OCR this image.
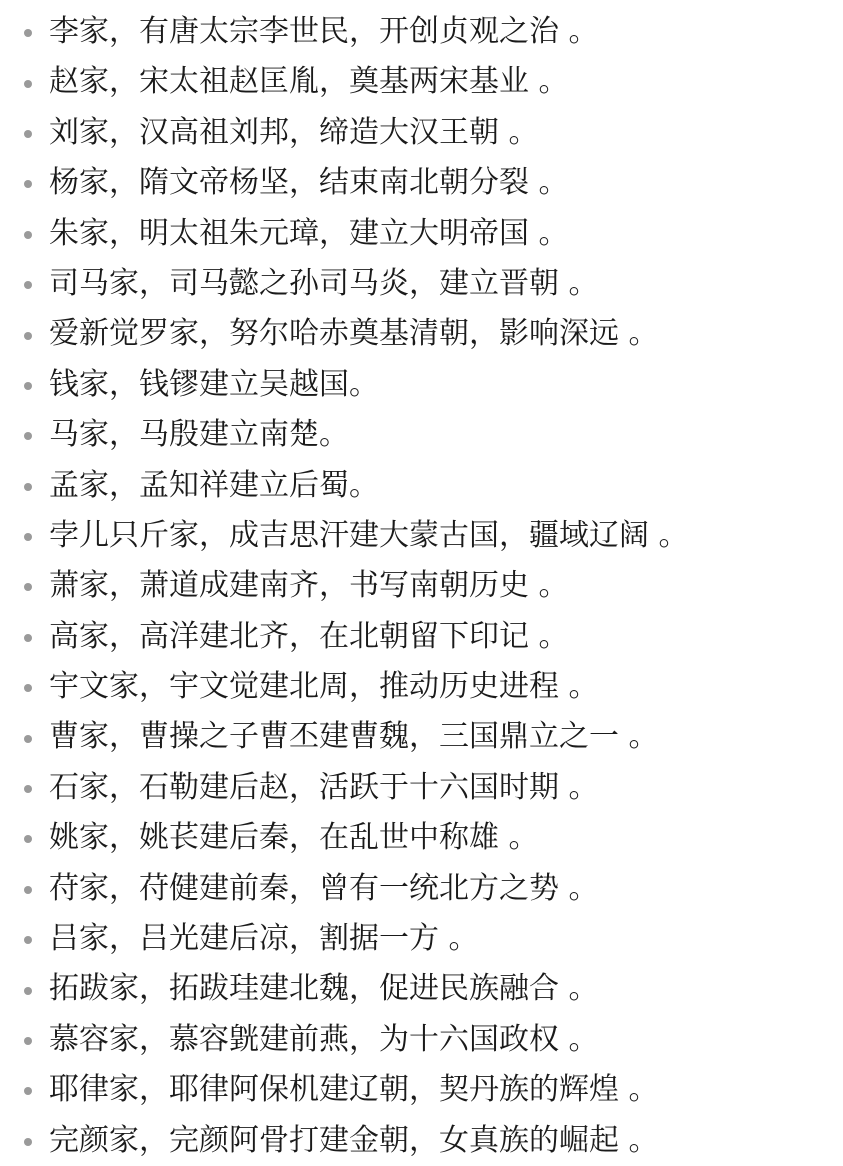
李家，有唐太宗李世民，开创贞观之治 。
赵家，宋太祖赵匡胤，奠基两宋基业 。
刘家，汉高祖刘邦，缔造大汉王朝 。
杨家，隋文帝杨坚，结束南北朝分裂 。
朱家，明太祖朱元璋，建立大明帝国 。
司马家，司马懿之孙司马炎，建立晋朝 。
爱新觉罗家，努尔哈赤奠基清朝，影响深远 。
钱家，钱镠建立吴越国。
马家，马殷建立南楚。
孟家，孟知祥建立后蜀。
孛儿只斤家，成吉思汗建大蒙古国，疆域辽阔 。
萧家，萧道成建南齐，书写南朝历史 。
高家，高洋建北齐，在北朝留下印记 。
宇文家，宇文觉建北周，推动历史进程 。
曹家，曹操之子曹丕建曹魏，三国鼎立之一 。
石家，石勒建后赵，活跃于十六国时期 。
姚家，姚苌建后秦，在乱世中称雄 。
苻家，苻健建前秦，曾有一统北方之势 。
吕家，吕光建后凉，割据一方 。
拓跋家，拓跋珪建北魏，促进民族融合 。
慕容家，慕容皝建前燕，为十六国政权 。
耶律家，耶律阿保机建辽朝，契丹族的辉煌 。
完颜家，完颜阿骨打建金朝，女真族的崛起 。
